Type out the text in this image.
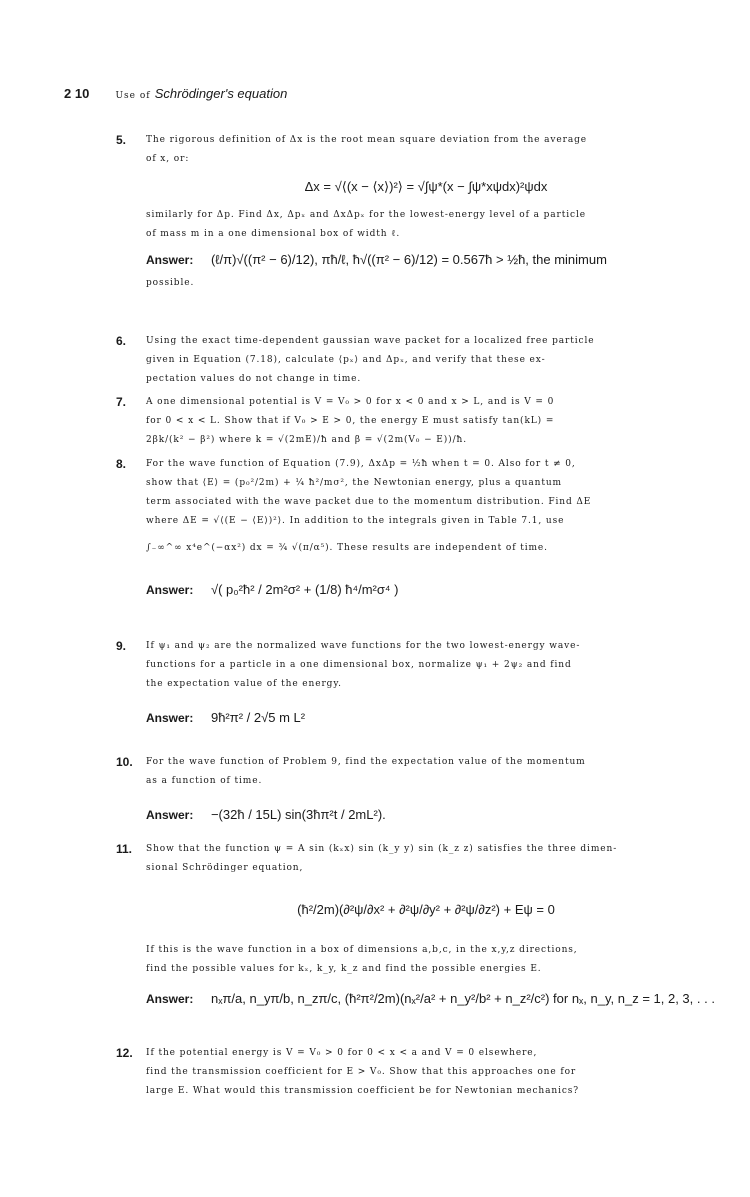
2 10	Use of Schrödinger's equation
5. The rigorous definition of Δx is the root mean square deviation from the average
of x, or:
Δx = √⟨(x − ⟨x⟩)²⟩ = √∫ψ*(x − ∫ψ*xψdx)²ψdx
similarly for Δp. Find Δx, Δpₓ and ΔxΔpₓ for the lowest-energy level of a particle
of mass m in a one dimensional box of width ℓ.
Answer: (ℓ/π)√((π² − 6)/12), πħ/ℓ, ħ√((π² − 6)/12) = 0.567ħ > ½ħ, the minimum
possible.
6. Using the exact time-dependent gaussian wave packet for a localized free particle
given in Equation (7.18), calculate ⟨pₓ⟩ and Δpₓ, and verify that these ex-
pectation values do not change in time.
7. A one dimensional potential is V = V₀ > 0 for x < 0 and x > L, and is V = 0
for 0 < x < L. Show that if V₀ > E > 0, the energy E must satisfy tan(kL) =
2βk/(k² − β²) where k = √(2mE)/ħ and β = √(2m(V₀ − E))/ħ.
8. For the wave function of Equation (7.9), ΔxΔp = ½ħ when t = 0. Also for t ≠ 0,
show that ⟨E⟩ = (p₀²/2m) + ¼ ħ²/mσ², the Newtonian energy, plus a quantum
term associated with the wave packet due to the momentum distribution. Find ΔE
where ΔE = √⟨(E − ⟨E⟩)²⟩. In addition to the integrals given in Table 7.1, use
∫₋∞^∞ x⁴e^(−αx²) dx = ¾ √(π/α⁵). These results are independent of time.
Answer: √( p₀²ħ² / 2m²σ² + (1/8) ħ⁴/m²σ⁴ )
9. If ψ₁ and ψ₂ are the normalized wave functions for the two lowest-energy wave-
functions for a particle in a one dimensional box, normalize ψ₁ + 2ψ₂ and find
the expectation value of the energy.
Answer: 9ħ²π² / 2√5 m L²
10. For the wave function of Problem 9, find the expectation value of the momentum
as a function of time.
Answer: −(32ħ / 15L) sin(3ħπ²t / 2mL²).
11. Show that the function ψ = A sin (kₓx) sin (k_y y) sin (k_z z) satisfies the three dimen-
sional Schrödinger equation,
(ħ²/2m)(∂²ψ/∂x² + ∂²ψ/∂y² + ∂²ψ/∂z²) + Eψ = 0
If this is the wave function in a box of dimensions a,b,c, in the x,y,z directions,
find the possible values for kₓ, k_y, k_z and find the possible energies E.
Answer: nₓπ/a, n_yπ/b, n_zπ/c, (ħ²π²/2m)(nₓ²/a² + n_y²/b² + n_z²/c²) for nₓ, n_y, n_z = 1, 2, 3, . . .
12. If the potential energy is V = V₀ > 0 for 0 < x < a and V = 0 elsewhere,
find the transmission coefficient for E > V₀. Show that this approaches one for
large E. What would this transmission coefficient be for Newtonian mechanics?
